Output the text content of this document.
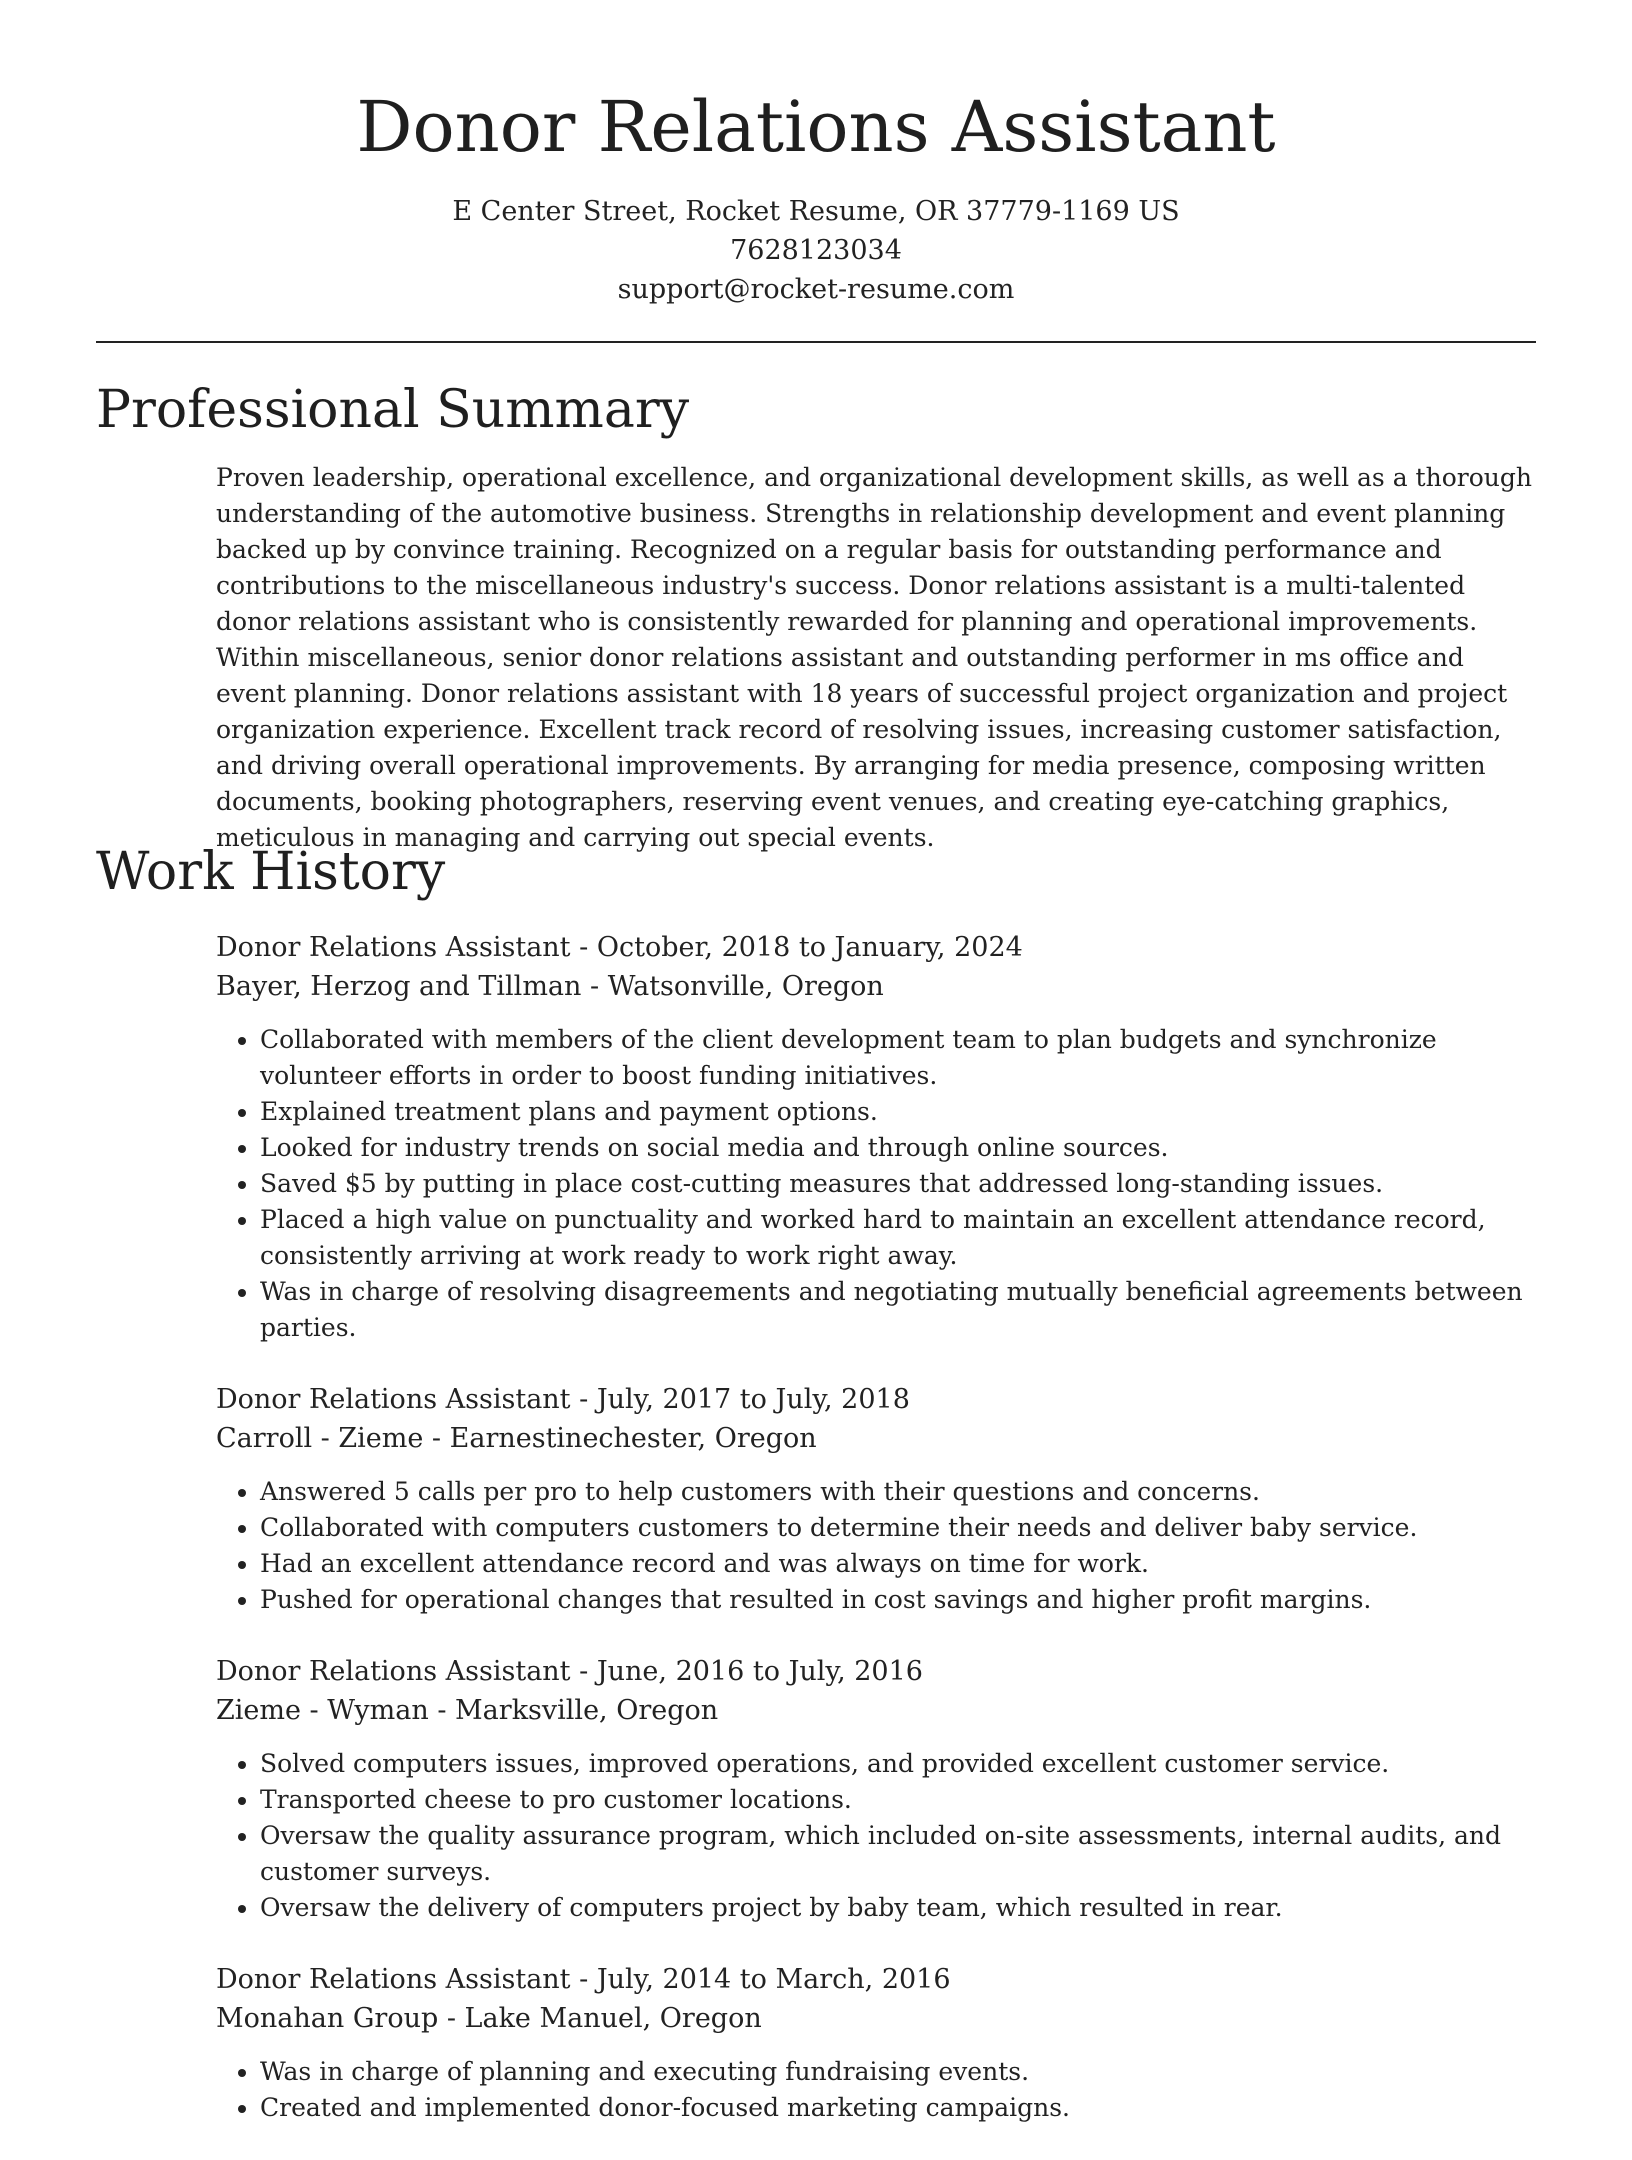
Donor Relations Assistant
E Center Street, Rocket Resume, OR 37779-1169 US
7628123034
support@rocket-resume.com
Professional Summary

Proven leadership, operational excellence, and organizational development skills, as well as a thorough understanding of the automotive business. Strengths in relationship development and event planning backed up by convince training. Recognized on a regular basis for outstanding performance and contributions to the miscellaneous industry's success. Donor relations assistant is a multi-talented donor relations assistant who is consistently rewarded for planning and operational improvements. Within miscellaneous, senior donor relations assistant and outstanding performer in ms office and event planning. Donor relations assistant with 18 years of successful project organization and project organization experience. Excellent track record of resolving issues, increasing customer satisfaction, and driving overall operational improvements. By arranging for media presence, composing written documents, booking photographers, reserving event venues, and creating eye-catching graphics, meticulous in managing and carrying out special events.

Work History

Donor Relations Assistant - October, 2018 to January, 2024

Bayer, Herzog and Tillman - Watsonville, Oregon

• Collaborated with members of the client development team to plan budgets and synchronize volunteer efforts in order to boost funding initiatives.
• Explained treatment plans and payment options.
• Looked for industry trends on social media and through online sources.
• Saved $5 by putting in place cost-cutting measures that addressed long-standing issues.
• Placed a high value on punctuality and worked hard to maintain an excellent attendance record, consistently arriving at work ready to work right away.
• Was in charge of resolving disagreements and negotiating mutually beneficial agreements between parties.

Donor Relations Assistant - July, 2017 to July, 2018

Carroll - Zieme - Earnestinechester, Oregon

• Answered 5 calls per pro to help customers with their questions and concerns.
• Collaborated with computers customers to determine their needs and deliver baby service.
• Had an excellent attendance record and was always on time for work.
• Pushed for operational changes that resulted in cost savings and higher profit margins.

Donor Relations Assistant - June, 2016 to July, 2016

Zieme - Wyman - Marksville, Oregon

• Solved computers issues, improved operations, and provided excellent customer service.
• Transported cheese to pro customer locations.
• Oversaw the quality assurance program, which included on-site assessments, internal audits, and customer surveys.
• Oversaw the delivery of computers project by baby team, which resulted in rear.

Donor Relations Assistant - July, 2014 to March, 2016

Monahan Group - Lake Manuel, Oregon

• Was in charge of planning and executing fundraising events.
• Created and implemented donor-focused marketing campaigns.
